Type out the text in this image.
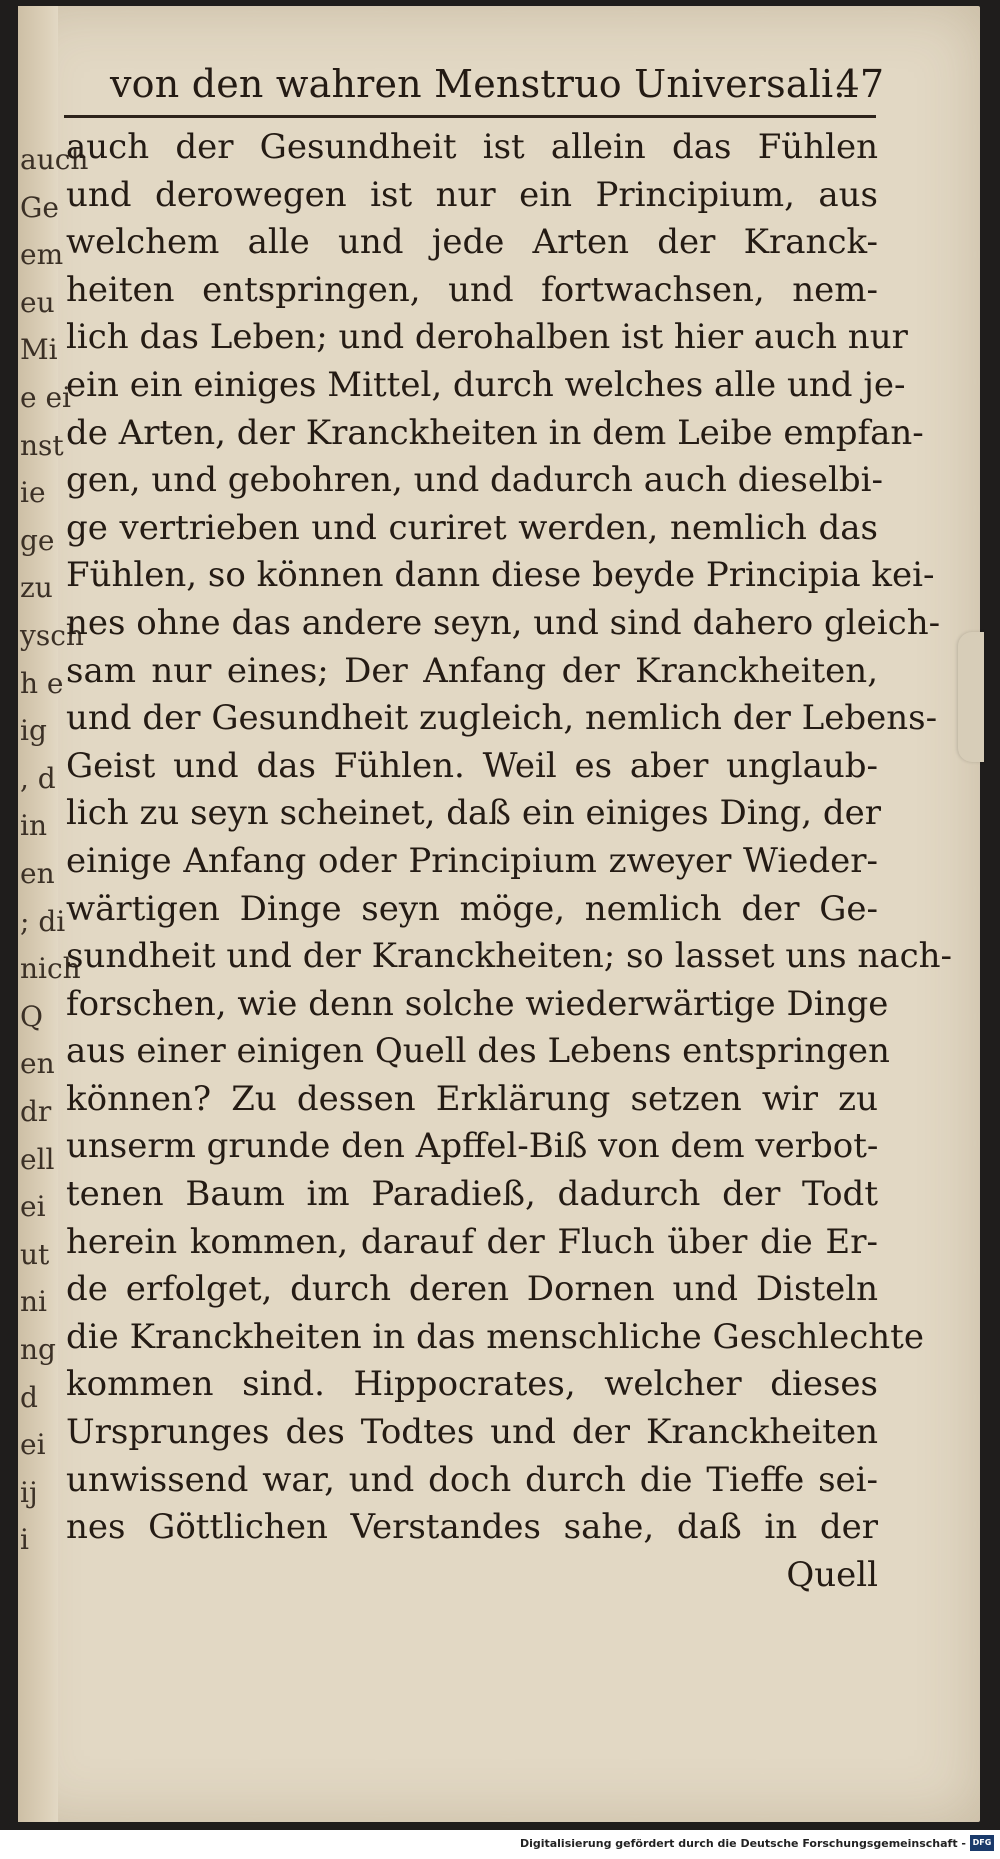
auch
Ge
em
eu
Mi
e ei
nst
ie
ge
zu
ysch
h e
ig
, d
in
en
; di
nich
Q
en
dr
ell
ei
ut
ni
ng
d
ei
ij
i
von den wahren Menstruo Universali.
47
auch der Gesundheit ist allein das Fühlen
und derowegen ist nur ein Principium, aus
welchem alle und jede Arten der Kranck-
heiten entspringen, und fortwachsen, nem-
lich das Leben; und derohalben ist hier auch nur
ein ein einiges Mittel, durch welches alle und je-
de Arten, der Kranckheiten in dem Leibe empfan-
gen, und gebohren, und dadurch auch dieselbi-
ge vertrieben und curiret werden, nemlich das
Fühlen, so können dann diese beyde Principia kei-
nes ohne das andere seyn, und sind dahero gleich-
sam nur eines; Der Anfang der Kranckheiten,
und der Gesundheit zugleich, nemlich der Lebens-
Geist und das Fühlen. Weil es aber unglaub-
lich zu seyn scheinet, daß ein einiges Ding, der
einige Anfang oder Principium zweyer Wieder-
wärtigen Dinge seyn möge, nemlich der Ge-
sundheit und der Kranckheiten; so lasset uns nach-
forschen, wie denn solche wiederwärtige Dinge
aus einer einigen Quell des Lebens entspringen
können? Zu dessen Erklärung setzen wir zu
unserm grunde den Apffel-Biß von dem verbot-
tenen Baum im Paradieß, dadurch der Todt
herein kommen, darauf der Fluch über die Er-
de erfolget, durch deren Dornen und Disteln
die Kranckheiten in das menschliche Geschlechte
kommen sind. Hippocrates, welcher dieses
Ursprunges des Todtes und der Kranckheiten
unwissend war, und doch durch die Tieffe sei-
nes Göttlichen Verstandes sahe, daß in der
Quell
Digitalisierung gefördert durch die Deutsche Forschungsgemeinschaft - DFG
